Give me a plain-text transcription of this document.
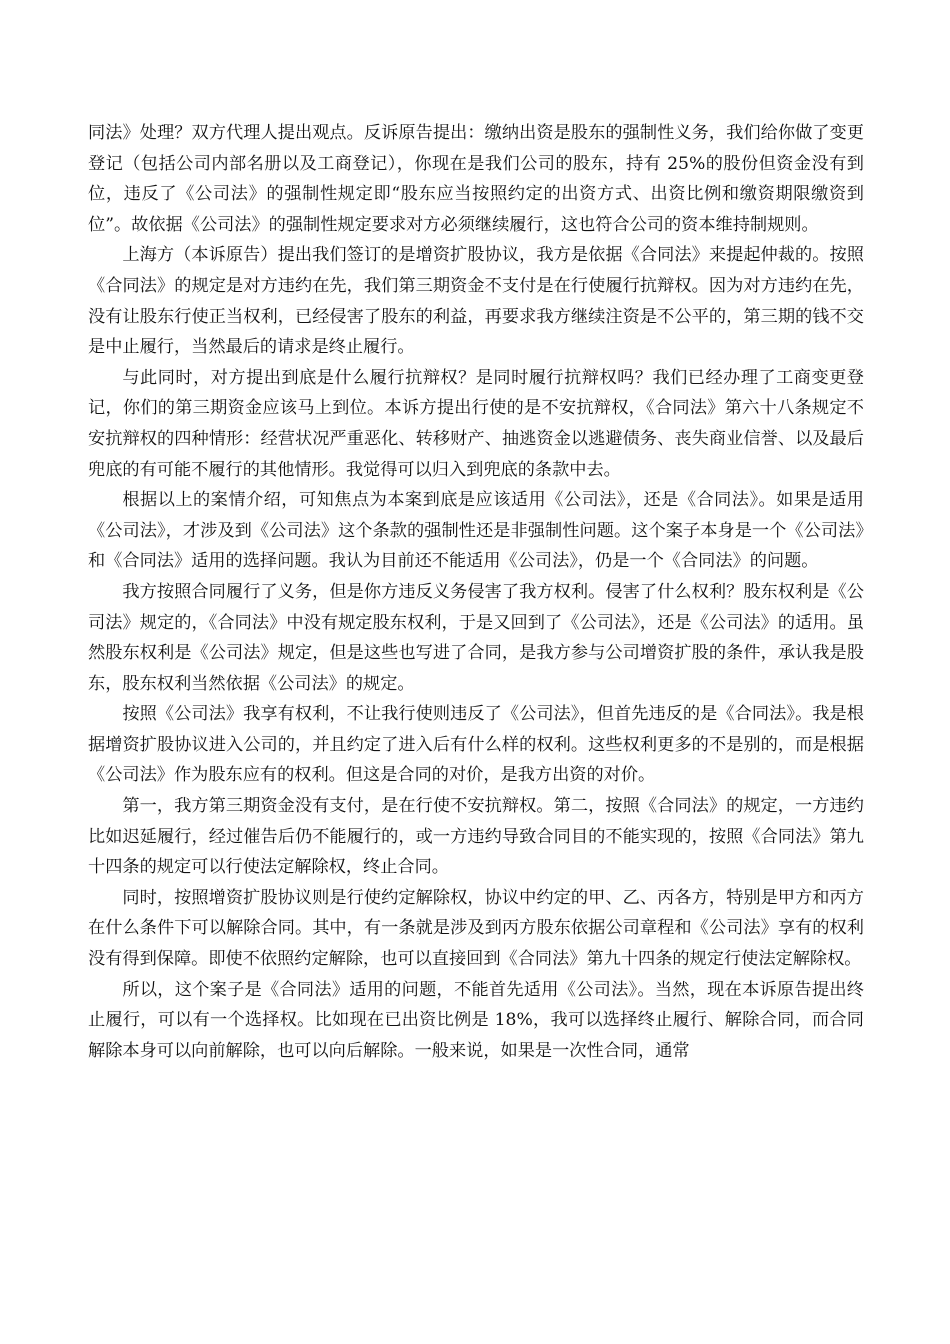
同法》处理？双方代理人提出观点。反诉原告提出：缴纳出资是股东的强制性义务，我们给你做了变更登记（包括公司内部名册以及工商登记），你现在是我们公司的股东，持有 25%的股份但资金没有到位，违反了《公司法》的强制性规定即“股东应当按照约定的出资方式、出资比例和缴资期限缴资到位”。故依据《公司法》的强制性规定要求对方必须继续履行，这也符合公司的资本维持制规则。

上海方（本诉原告）提出我们签订的是增资扩股协议，我方是依据《合同法》来提起仲裁的。按照《合同法》的规定是对方违约在先，我们第三期资金不支付是在行使履行抗辩权。因为对方违约在先，没有让股东行使正当权利，已经侵害了股东的利益，再要求我方继续注资是不公平的，第三期的钱不交是中止履行，当然最后的请求是终止履行。

与此同时，对方提出到底是什么履行抗辩权？是同时履行抗辩权吗？我们已经办理了工商变更登记，你们的第三期资金应该马上到位。本诉方提出行使的是不安抗辩权，《合同法》第六十八条规定不安抗辩权的四种情形：经营状况严重恶化、转移财产、抽逃资金以逃避债务、丧失商业信誉、以及最后兜底的有可能不履行的其他情形。我觉得可以归入到兜底的条款中去。

根据以上的案情介绍，可知焦点为本案到底是应该适用《公司法》，还是《合同法》。如果是适用《公司法》，才涉及到《公司法》这个条款的强制性还是非强制性问题。这个案子本身是一个《公司法》和《合同法》适用的选择问题。我认为目前还不能适用《公司法》，仍是一个《合同法》的问题。

我方按照合同履行了义务，但是你方违反义务侵害了我方权利。侵害了什么权利？股东权利是《公司法》规定的，《合同法》中没有规定股东权利，于是又回到了《公司法》，还是《公司法》的适用。虽然股东权利是《公司法》规定，但是这些也写进了合同，是我方参与公司增资扩股的条件，承认我是股东，股东权利当然依据《公司法》的规定。

按照《公司法》我享有权利，不让我行使则违反了《公司法》，但首先违反的是《合同法》。我是根据增资扩股协议进入公司的，并且约定了进入后有什么样的权利。这些权利更多的不是别的，而是根据《公司法》作为股东应有的权利。但这是合同的对价，是我方出资的对价。

第一，我方第三期资金没有支付，是在行使不安抗辩权。第二，按照《合同法》的规定，一方违约比如迟延履行，经过催告后仍不能履行的，或一方违约导致合同目的不能实现的，按照《合同法》第九十四条的规定可以行使法定解除权，终止合同。

同时，按照增资扩股协议则是行使约定解除权，协议中约定的甲、乙、丙各方，特别是甲方和丙方在什么条件下可以解除合同。其中，有一条就是涉及到丙方股东依据公司章程和《公司法》享有的权利没有得到保障。即使不依照约定解除，也可以直接回到《合同法》第九十四条的规定行使法定解除权。

所以，这个案子是《合同法》适用的问题，不能首先适用《公司法》。当然，现在本诉原告提出终止履行，可以有一个选择权。比如现在已出资比例是 18%，我可以选择终止履行、解除合同，而合同解除本身可以向前解除，也可以向后解除。一般来说，如果是一次性合同，通常
